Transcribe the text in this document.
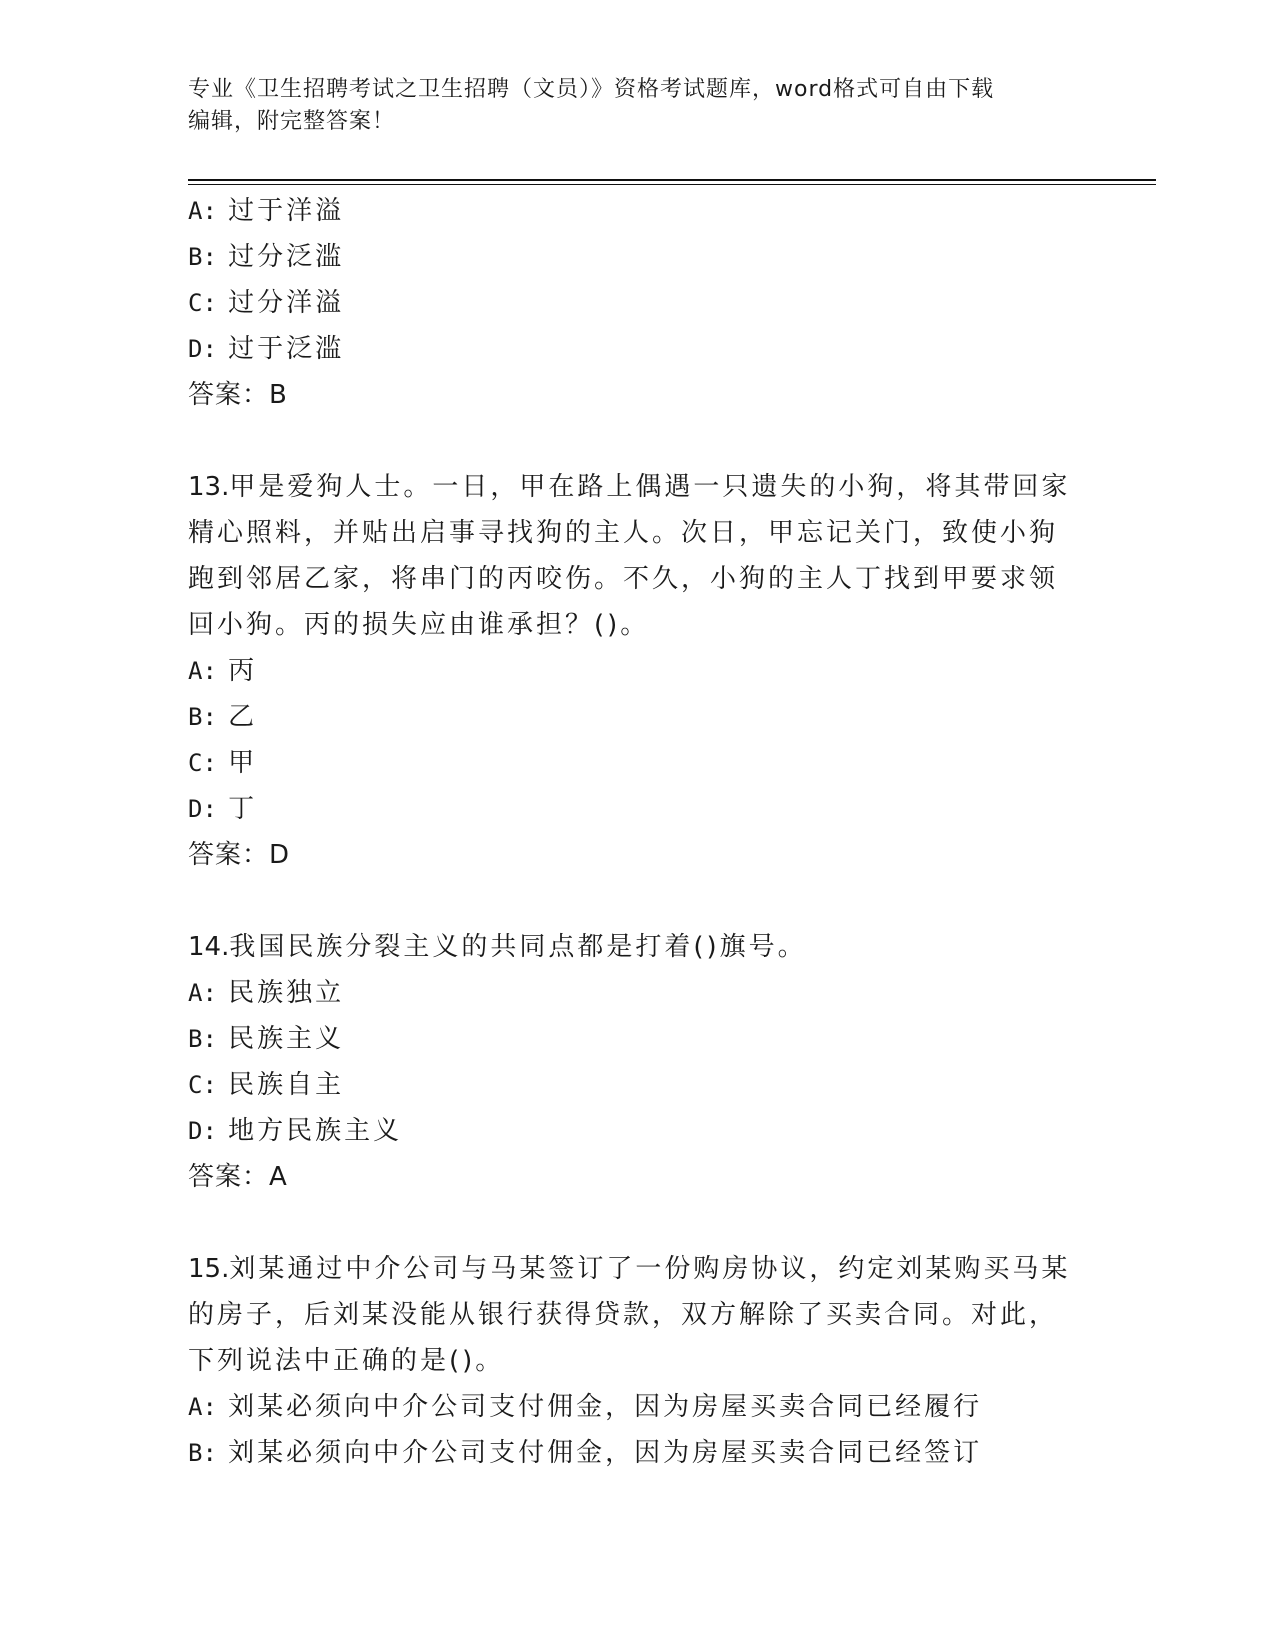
专业《卫生招聘考试之卫生招聘（文员）》资格考试题库，word格式可自由下载
编辑，附完整答案！
A: 过于洋溢
B: 过分泛滥
C: 过分洋溢
D: 过于泛滥
答案：B
13.甲是爱狗人士。一日，甲在路上偶遇一只遗失的小狗，将其带回家
精心照料，并贴出启事寻找狗的主人。次日，甲忘记关门，致使小狗
跑到邻居乙家，将串门的丙咬伤。不久，小狗的主人丁找到甲要求领
回小狗。丙的损失应由谁承担？()。
A: 丙
B: 乙
C: 甲
D: 丁
答案：D
14.我国民族分裂主义的共同点都是打着()旗号。
A: 民族独立
B: 民族主义
C: 民族自主
D: 地方民族主义
答案：A
15.刘某通过中介公司与马某签订了一份购房协议，约定刘某购买马某
的房子，后刘某没能从银行获得贷款，双方解除了买卖合同。对此，
下列说法中正确的是()。
A: 刘某必须向中介公司支付佣金，因为房屋买卖合同已经履行
B: 刘某必须向中介公司支付佣金，因为房屋买卖合同已经签订
